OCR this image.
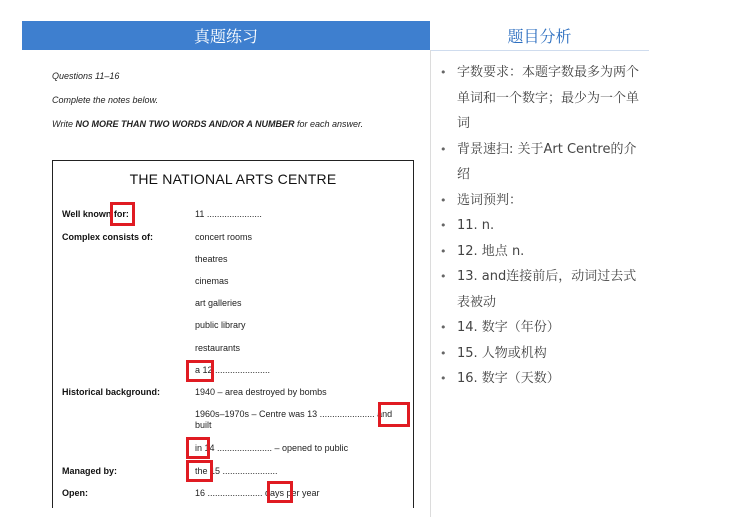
真题练习	题目分析
Questions 11–16
Complete the notes below.
Write NO MORE THAN TWO WORDS AND/OR A NUMBER for each answer.
THE NATIONAL ARTS CENTRE
Well known for:	11 ......................
Complex consists of:	concert rooms
theatres
cinemas
art galleries
public library
restaurants
a 12 ......................
Historical background:	1940 – area destroyed by bombs
1960s–1970s – Centre was 13 ...................... and
built
in 14 ...................... – opened to public
Managed by:	the 15 ......................
Open:	16 ...................... days per year
• 字数要求：本题字数最多为两个单词和一个数字；最少为一个单词
• 背景速扫: 关于Art Centre的介绍
• 选词预判：
• 11. n.
• 12. 地点 n.
• 13. and连接前后，动词过去式表被动
• 14. 数字（年份）
• 15. 人物或机构
• 16. 数字（天数）
